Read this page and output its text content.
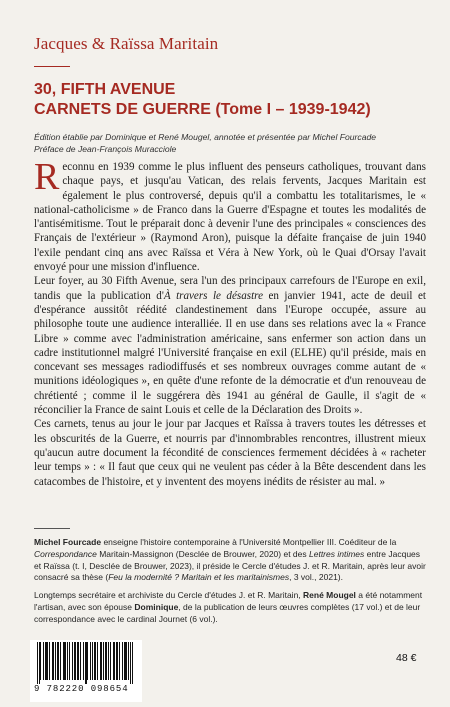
Jacques & Raïssa Maritain
30, FIFTH AVENUE
CARNETS DE GUERRE (Tome I – 1939-1942)
Édition établie par Dominique et René Mougel, annotée et présentée par Michel Fourcade
Préface de Jean-François Muracciole

Reconnu en 1939 comme le plus influent des penseurs catholiques, trouvant dans chaque pays, et jusqu'au Vatican, des relais fervents, Jacques Maritain est également le plus controversé, depuis qu'il a combattu les totalitarismes, le « national-catholicisme » de Franco dans la Guerre d'Espagne et toutes les modalités de l'antisémitisme. Tout le préparait donc à devenir l'une des principales « consciences des Français de l'extérieur » (Raymond Aron), puisque la défaite française de juin 1940 l'exile pendant cinq ans avec Raïssa et Véra à New York, où le Quai d'Orsay l'avait envoyé pour une mission d'influence.

Leur foyer, au 30 Fifth Avenue, sera l'un des principaux carrefours de l'Europe en exil, tandis que la publication d'À travers le désastre en janvier 1941, acte de deuil et d'espérance aussitôt réédité clandestinement dans l'Europe occupée, assure au philosophe toute une audience interalliée. Il en use dans ses relations avec la « France Libre » comme avec l'administration américaine, sans enfermer son action dans un cadre institutionnel malgré l'Université française en exil (ELHE) qu'il préside, mais en concevant ses messages radiodiffusés et ses nombreux ouvrages comme autant de « munitions idéologiques », en quête d'une refonte de la démocratie et d'un renouveau de chrétienté ; comme il le suggérera dès 1941 au général de Gaulle, il s'agit de « réconcilier la France de saint Louis et celle de la Déclaration des Droits ».

Ces carnets, tenus au jour le jour par Jacques et Raïssa à travers toutes les détresses et les obscurités de la Guerre, et nourris par d'innombrables rencontres, illustrent mieux qu'aucun autre document la fécondité de consciences fermement décidées à « racheter leur temps » : « Il faut que ceux qui ne veulent pas céder à la Bête descendent dans les catacombes de l'histoire, et y inventent des moyens inédits de résister au mal. »

Michel Fourcade enseigne l'histoire contemporaine à l'Université Montpellier III. Coéditeur de la Correspondance Maritain-Massignon (Desclée de Brouwer, 2020) et des Lettres intimes entre Jacques et Raïssa (t. I, Desclée de Brouwer, 2023), il préside le Cercle d'études J. et R. Maritain, après leur avoir consacré sa thèse (Feu la modernité ? Maritain et les maritainismes, 3 vol., 2021).

Longtemps secrétaire et archiviste du Cercle d'études J. et R. Maritain, René Mougel a été notamment l'artisan, avec son épouse Dominique, de la publication de leurs œuvres complètes (17 vol.) et de leur correspondance avec le cardinal Journet (6 vol.).

9 782220 098654
48 €
